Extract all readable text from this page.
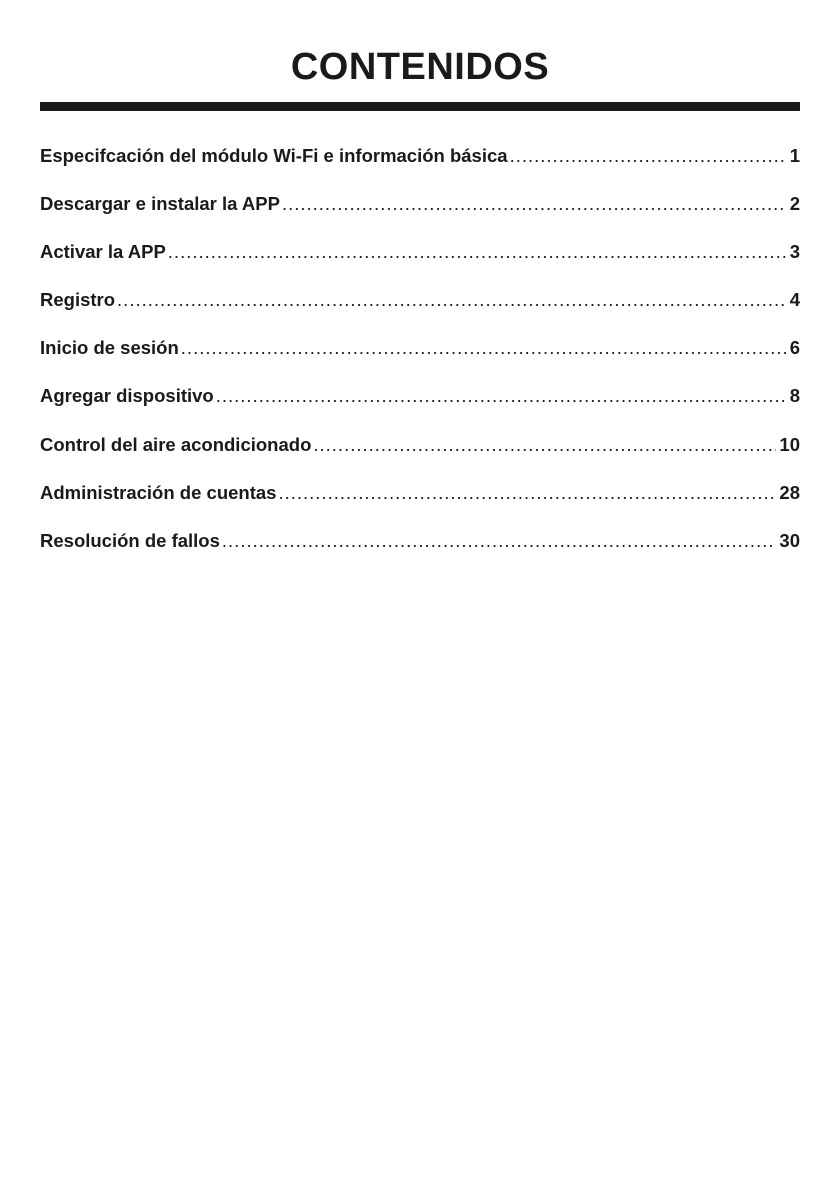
CONTENIDOS
Especifcación del módulo Wi-Fi e información básica .....	1
Descargar e instalar la APP .....	2
Activar la APP .....	3
Registro .....	4
Inicio de sesión .....	6
Agregar dispositivo .....	8
Control del aire acondicionado .....	10
Administración de cuentas .....	28
Resolución de fallos .....	30
